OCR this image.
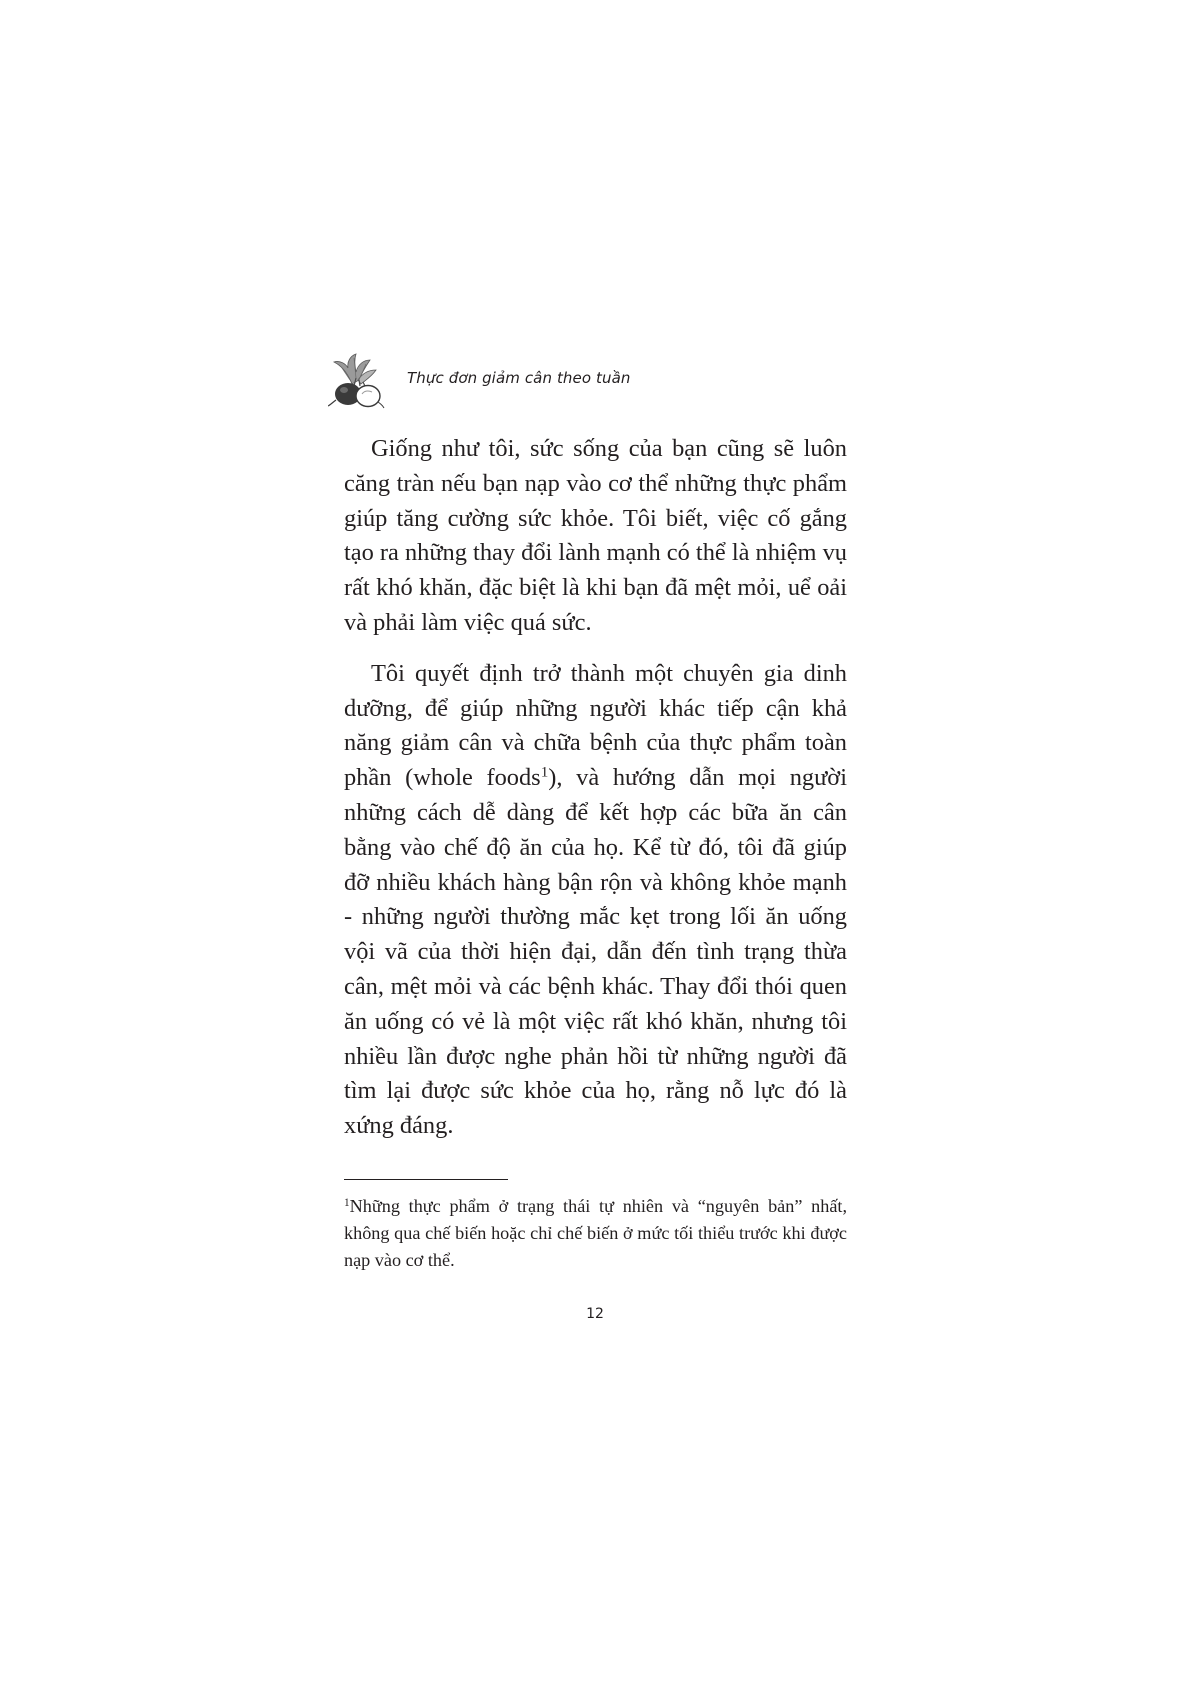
Thực đơn giảm cân theo tuần

Giống như tôi, sức sống của bạn cũng sẽ luôn căng tràn nếu bạn nạp vào cơ thể những thực phẩm giúp tăng cường sức khỏe. Tôi biết, việc cố gắng tạo ra những thay đổi lành mạnh có thể là nhiệm vụ rất khó khăn, đặc biệt là khi bạn đã mệt mỏi, uể oải và phải làm việc quá sức.

Tôi quyết định trở thành một chuyên gia dinh dưỡng, để giúp những người khác tiếp cận khả năng giảm cân và chữa bệnh của thực phẩm toàn phần (whole foods$^1$), và hướng dẫn mọi người những cách dễ dàng để kết hợp các bữa ăn cân bằng vào chế độ ăn của họ. Kể từ đó, tôi đã giúp đỡ nhiều khách hàng bận rộn và không khỏe mạnh - những người thường mắc kẹt trong lối ăn uống vội vã của thời hiện đại, dẫn đến tình trạng thừa cân, mệt mỏi và các bệnh khác. Thay đổi thói quen ăn uống có vẻ là một việc rất khó khăn, nhưng tôi nhiều lần được nghe phản hồi từ những người đã tìm lại được sức khỏe của họ, rằng nỗ lực đó là xứng đáng.

$^1$Những thực phẩm ở trạng thái tự nhiên và “nguyên bản” nhất, không qua chế biến hoặc chỉ chế biến ở mức tối thiểu trước khi được nạp vào cơ thể.

12
